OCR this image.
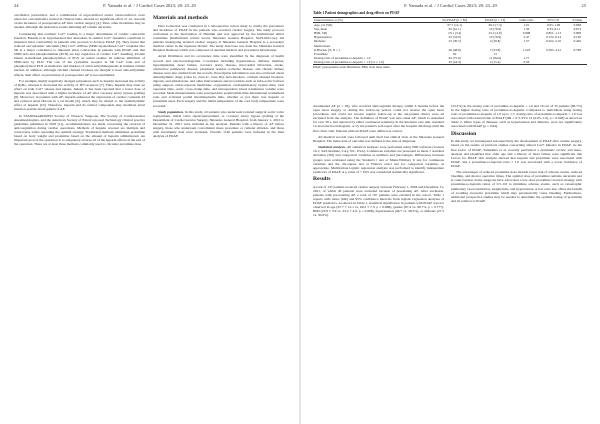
24	F. Yamada et al. / J Cardiol Cases 2023; 28: 23–29

calcifediol, paricalcitol, and a combination of ergocalciferol and/or cholecalciferol, even when not concomitantly treated in clinical trials, showed no significant effect of 1α- steroids on the incidence of postoperative AF after cardiac surgery [4]. Thus, other modalities may be needed, although the molecular events initiating AF remain uncertain.

Considering that extrinsic Ca2+ loading is a major determinant of cardiac contractile function, Fukuda et al. hypothesized that alterations in cellular Ca2+ dynamics contribute to impaired atrial contractility in patients who proceed to develop POAF [5]. They found that reduced sarcoplasmic reticulum (SR) Ca2+-ATPase (SERCA)-mediated Ca2+ reuptake into SR is a major contributor to impaired atrial contraction in patients with POAF, and that SERCA2a and phospholamban (PLN) are key regulators of cardiac Ca2+ handling. Protein kinase A-mediated phosphorylation of PLN on serine residue 16 relieves inhibition of SERCA2a by PLN. The role of the ryanodine receptor in SR Ca2+ leak and of phosphorylated PLN as mediators and markers of atrial arrhythmogenesis in humans remain unclear. In addition, although calcium channel blockers are thought to have anti-arrhythmic effects, their effect on prevention of postoperative AF is not established.

For example, highly negatively charged polyanions such as heparin increased the activity of RyRs, whereas it decreased the activity of IP3 receptors [7]. Thus, heparin may exert an effect on both Ca2+ release and uptake. Indeed, it has been reported that a lower dose of heparin was associated with a higher incidence of AF after coronary artery bypass grafting [8]. Moreover, in patients with AF, heparin enhanced the expression of cardiac connexin 43 and reduced atrial fibrosis in a rat model [9], which may be related to the antiarrhythmic effect of heparin [10]. Therefore, heparin and its related compounds may modulate atrial function and the development of AF.

In STANDAARDIZED Society of Thoracic Surgeons, The Society of Cardiovascular Anesthesiologists, and the American Society of ExtraCorporeal Technology clinical practice guidelines published in 2018 [11], recommendations are made concerning the reversal of anticoagulation during cardiac operations. Methods of heparin reversal are multiple and controversy exists regarding the optimal strategy. Traditional methods administer protamine based on body weight and protamine based on the amount of heparin administered. An important goal of the operation is to adequately reverse all of the heparin effects at the end of the operation. There are at least three methods commonly used to calculate protamine dose.

Materials and methods

Data Collection was conducted in a retrospective cohort study to clarify the prevalence and incidence of POAF in the patients who received cardiac surgery. The study protocol conformed to the Declaration of Helsinki and was approved by the institutional ethics committee (Institutional review board, Shizuoka General Hospital, SGH-2021-xx). All patients undergoing isolated cardiac surgery at Shizuoka General Hospital is a secondary medical center in the Japanese district. The study data base was from the Shizuoka General Hospital Database which was composed of detailed medical and procedural information.

Atrial fibrillation and its occurrence time were identified by the diagnosis of health records and electrocardiograms. Covariates including hypertension, diabetes mellitus, hyperlipidemia, heart failure, coronary artery disease, myocardial infarction, stroke, obstructive pulmonary disease, peripheral arterial occlusive disease, and chronic kidney disease were also studied from the records. Prescription information was also extracted about antiarrhythmic drugs (class Ia, class Ic, class III), beta-blockers, calcium channel blockers, digoxin, and amiodarone, and other interventions and procedures such as intra-aortic balloon pump support, extracorporeal membrane oxygenation, cardiopulmonary bypass time, total operation time, aortic cross-clamp time, and intraoperative blood transfusion volume were recorded. Main measurements were postoperative prothrombin time-international normalized ratio and activated partial thromboplastin time, whether or not there was heparin or protamine used. Each surgery and the initial temperature of the core body temperature were recorded.

Study population. In this study, all patients who underwent isolated surgical aortic valve replacement, mitral valve repair/replacement, or coronary artery bypass grafting at the Department of Cardiovascular Surgery, Shizuoka General Hospital, from January 1, 2015 to December 31, 2021 were included in the analysis. Patients with a history of AF before surgery, those who underwent concomitant maze procedure or catheter ablation, and those with incomplete data were excluded. Overall, 1140 patients were included in the final analysis of POAF.

F. Yamada et al. / J Cardiol Cases 2023; 28: 23–29	25
Table 1 Patient demographics and drug effects on POAF
Characteristics, n (%)	No POAF (n = 82)	POAF (n = 13)	Odds ratio	95% CI†	P value
Age, yrs (SD)	67.7 (12.1)	69.2 (7.3)	1.01	0.95–1.06	0.668
Sex, male	65 (61.1)	10 (76.9)	1.36	0.33–6.11	0.673
BMI, SD)	23.1 (3.4)	23.2 (4.9)	0.998	0.851–1.13	0.908
Hypertension	45 (54.9)	10 (76.9)	2.47	0.722–8.14	0.136
Diabetes	25 (30.5)	4 (30.8)	1.57	0.452–5.10	0.426
Medications					
β-Blocker (Y, N = )	40 (48.8)	7 (53.8)	1.223	0.395–4.12	0.798
Protamine	82	13			
Dosing ratio of protamine-to-heparin = 1.0	62 (75.6)	11 (84.6)	1.77		
Dosing ratio of protamine-to-heparin < 1.0 (vs ≥ 1.0)	20 (24.4)	2 (15.4)	0.56		
POAF, postoperative atrial fibrillation; BMI, body mass index.

documented AF (n = 40), who received anticoagulant therapy within 6 months before the open heart surgery or during the follow-up period, could not receive the open heart procedures, and could not receive regular follow-up at the out-patient clinics were all excluded from the analysis. The definition of POAF was new-onset AF, which is sustained for over 30 s, and detected by either continuous telemetry in the intensive care unit, standard 12-lead electrocardiogram, or by the patient's self-report after the hospital discharge until the first clinic visit. Patients without POAF were defined as control.

All medical records were followed until their last clinical visit, at the Shizuoka General Hospital. The index date of outcome was defined as the date of diagnosis.

Statistical analysis. All statistical analyses were performed using JMP software (version 16.1; SAS Institute, Cary, NC, USA). Continuous variables are presented as mean ± standard deviation (SD) and categorical variables as numbers and percentages. Differences between groups were evaluated using the Student's t test or Mann-Whitney U test for continuous variables and the chi-square test or Fisher's exact test for categorical variables, as appropriate. Multivariate logistic regression analysis was performed to identify independent predictors of POAF. A p value of < 0.05 was considered statistically significant.

Results

A total of 147 patients received cardiac surgery between February 1, 2004 and December 31, 2021, of which 40 patients were excluded because of preexisting AF. After exclusion, patients with pre-existing AF, a total of 107 patients were enrolled in the cohort. Table 1 reports odds ratios (OR) and 95% confidence intervals from logistic regression analyses of POAF predictors. As shown in Table 1, statistical significance in patients with POAF was not observed in age (67.7 ± 12.1 vs. 69.2 ± 7.3, p = 0.668), gender (67.4 vs. 66.7%, p = 0.777), BMI (23.8 ± 3.9 vs. 23.2 ± 4.9, p = 0.908), hypertension (48.7 vs. 48.3%), or diabetes (27.5 vs. 30.8%).

(33.3%) in the dosing ratio of protamine-to-heparin = 1.0 and 18 out of 35 patients (66.7%) in the higher dosing ratio of protamine-to-heparin. Compared to individuals using dosing ratio of protamine-to-heparin of 1.0 up to 1.7, dosing ratio of protamine-to-heparin < 1.0 was associated with reduced risk of POAF (OR = 0.3, 95% CI (0.05–1.0), p = 0.048) as shown in Table 2. Other types of diseases, such as hypertension and diabetes, were not significantly associated with POAF (p = 0.64).

Discussion

In this study, we investigated retrospectively the development of POAF after cardiac surgery, based on the results of previous studies concerning altered Ca2+ kinetics in POAF. As the first factor of POAF, Yamashita et al. recently performed a systematic review and meta-analysis and identified that older age and a history of heart failure were significant risk factors for POAF. Our analysis showed that heparin and protamine were associated with POAF, and a protamine-to-heparin ratio < 1.0 was associated with a lower incidence of POAF.

The advantages of reduced protamine dose include lower risk of adverse events, reduced bleeding, and shorter operative times. The optimal dose of protamine remains uncertain and is controversial. Some surgeons have advocated a low-dose protamine reversal strategy with protamine-to-heparin ratios of 0.5–0.6 to minimize adverse events, such as catastrophic pulmonary vasoconstriction, anaphylaxis, and hypotension. A low ratio also offers the benefit of avoiding excessive protamine which may paradoxically cause bleeding. Furthermore, additional prospective studies may be needed to determine the optimal dosing of protamine and its relation to POAF.
